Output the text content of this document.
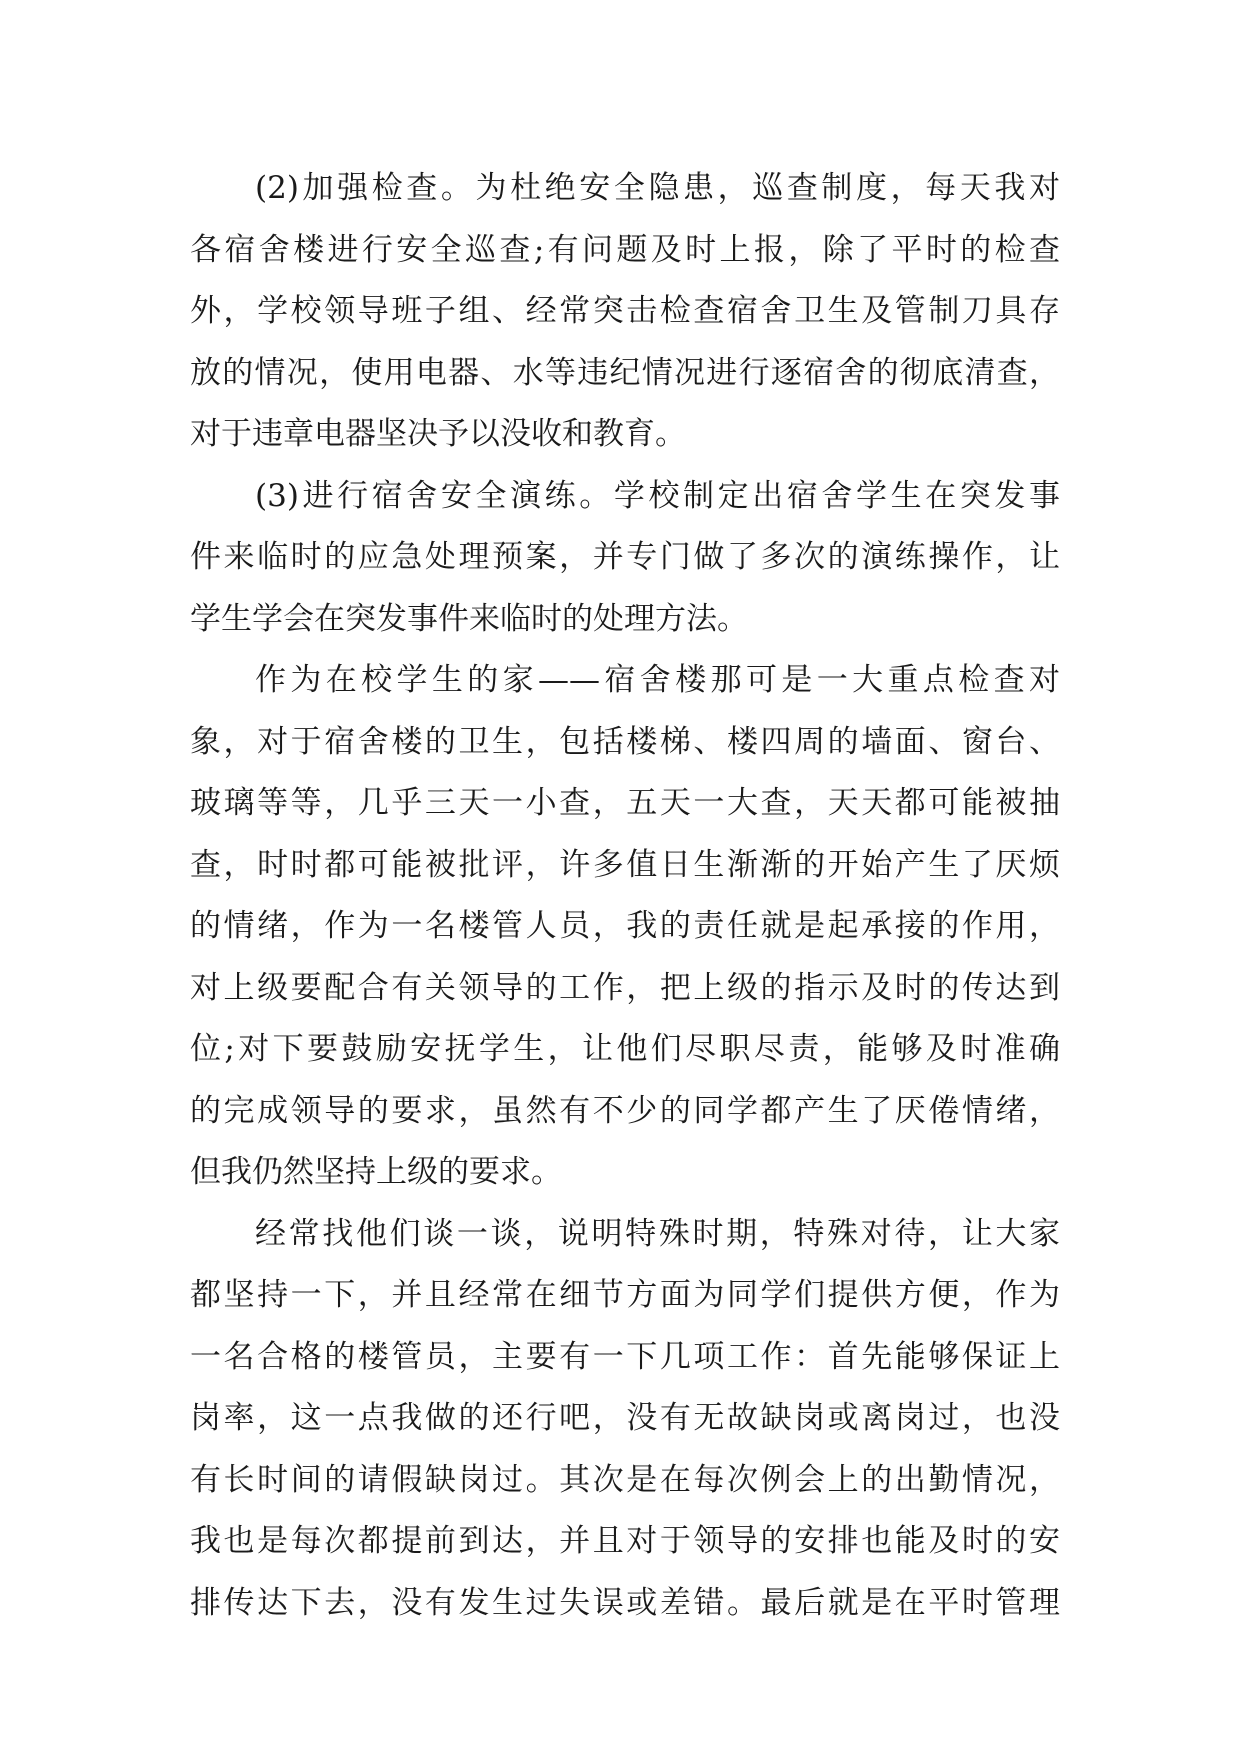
(2)加强检查。为杜绝安全隐患，巡查制度，每天我对
各宿舍楼进行安全巡查;有问题及时上报，除了平时的检查
外，学校领导班子组、经常突击检查宿舍卫生及管制刀具存
放的情况，使用电器、水等违纪情况进行逐宿舍的彻底清查，
对于违章电器坚决予以没收和教育。
(3)进行宿舍安全演练。学校制定出宿舍学生在突发事
件来临时的应急处理预案，并专门做了多次的演练操作，让
学生学会在突发事件来临时的处理方法。
作为在校学生的家——宿舍楼那可是一大重点检查对
象，对于宿舍楼的卫生，包括楼梯、楼四周的墙面、窗台、
玻璃等等，几乎三天一小查，五天一大查，天天都可能被抽
查，时时都可能被批评，许多值日生渐渐的开始产生了厌烦
的情绪，作为一名楼管人员，我的责任就是起承接的作用，
对上级要配合有关领导的工作，把上级的指示及时的传达到
位;对下要鼓励安抚学生，让他们尽职尽责，能够及时准确
的完成领导的要求，虽然有不少的同学都产生了厌倦情绪，
但我仍然坚持上级的要求。
经常找他们谈一谈，说明特殊时期，特殊对待，让大家
都坚持一下，并且经常在细节方面为同学们提供方便，作为
一名合格的楼管员，主要有一下几项工作：首先能够保证上
岗率，这一点我做的还行吧，没有无故缺岗或离岗过，也没
有长时间的请假缺岗过。其次是在每次例会上的出勤情况，
我也是每次都提前到达，并且对于领导的安排也能及时的安
排传达下去，没有发生过失误或差错。最后就是在平时管理
